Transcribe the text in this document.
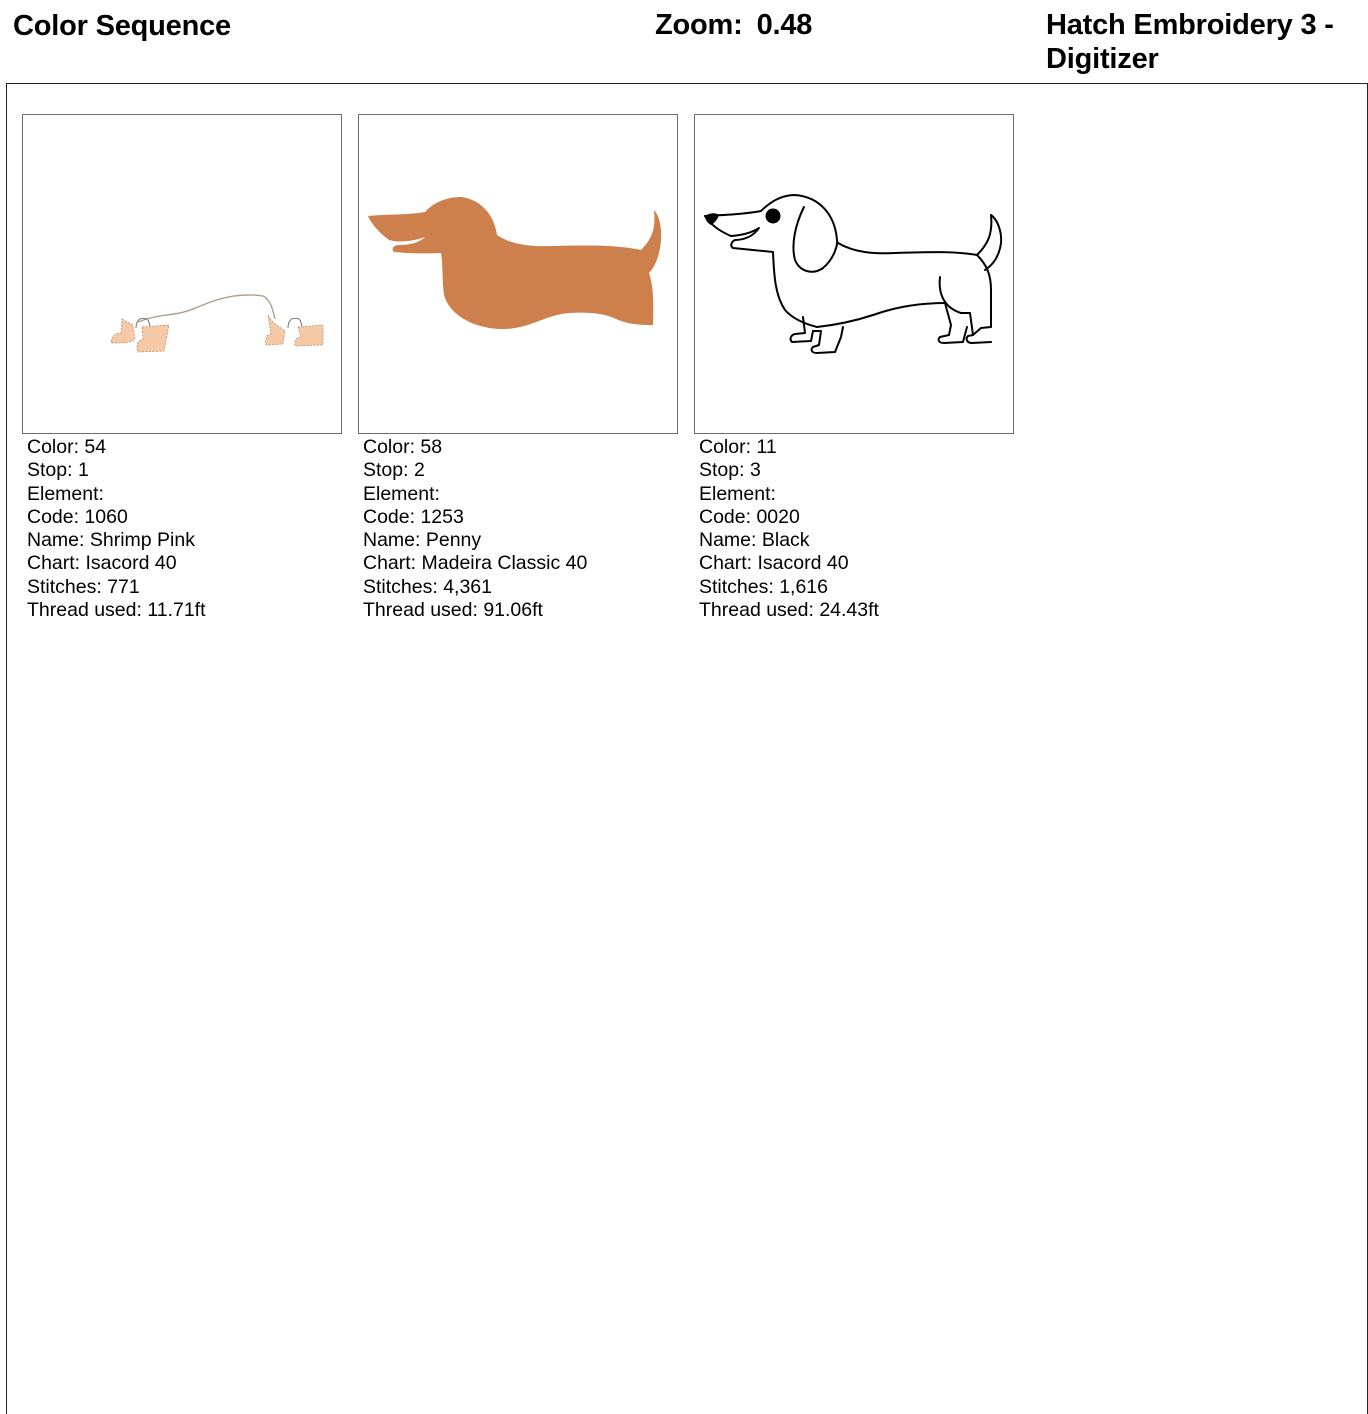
Color Sequence	Zoom: 0.48	Hatch Embroidery 3 -
Digitizer
Color: 54
Stop: 1
Element:
Code: 1060
Name: Shrimp Pink
Chart: Isacord 40
Stitches: 771
Thread used: 11.71ft
Color: 58
Stop: 2
Element:
Code: 1253
Name: Penny
Chart: Madeira Classic 40
Stitches: 4,361
Thread used: 91.06ft
Color: 11
Stop: 3
Element:
Code: 0020
Name: Black
Chart: Isacord 40
Stitches: 1,616
Thread used: 24.43ft
